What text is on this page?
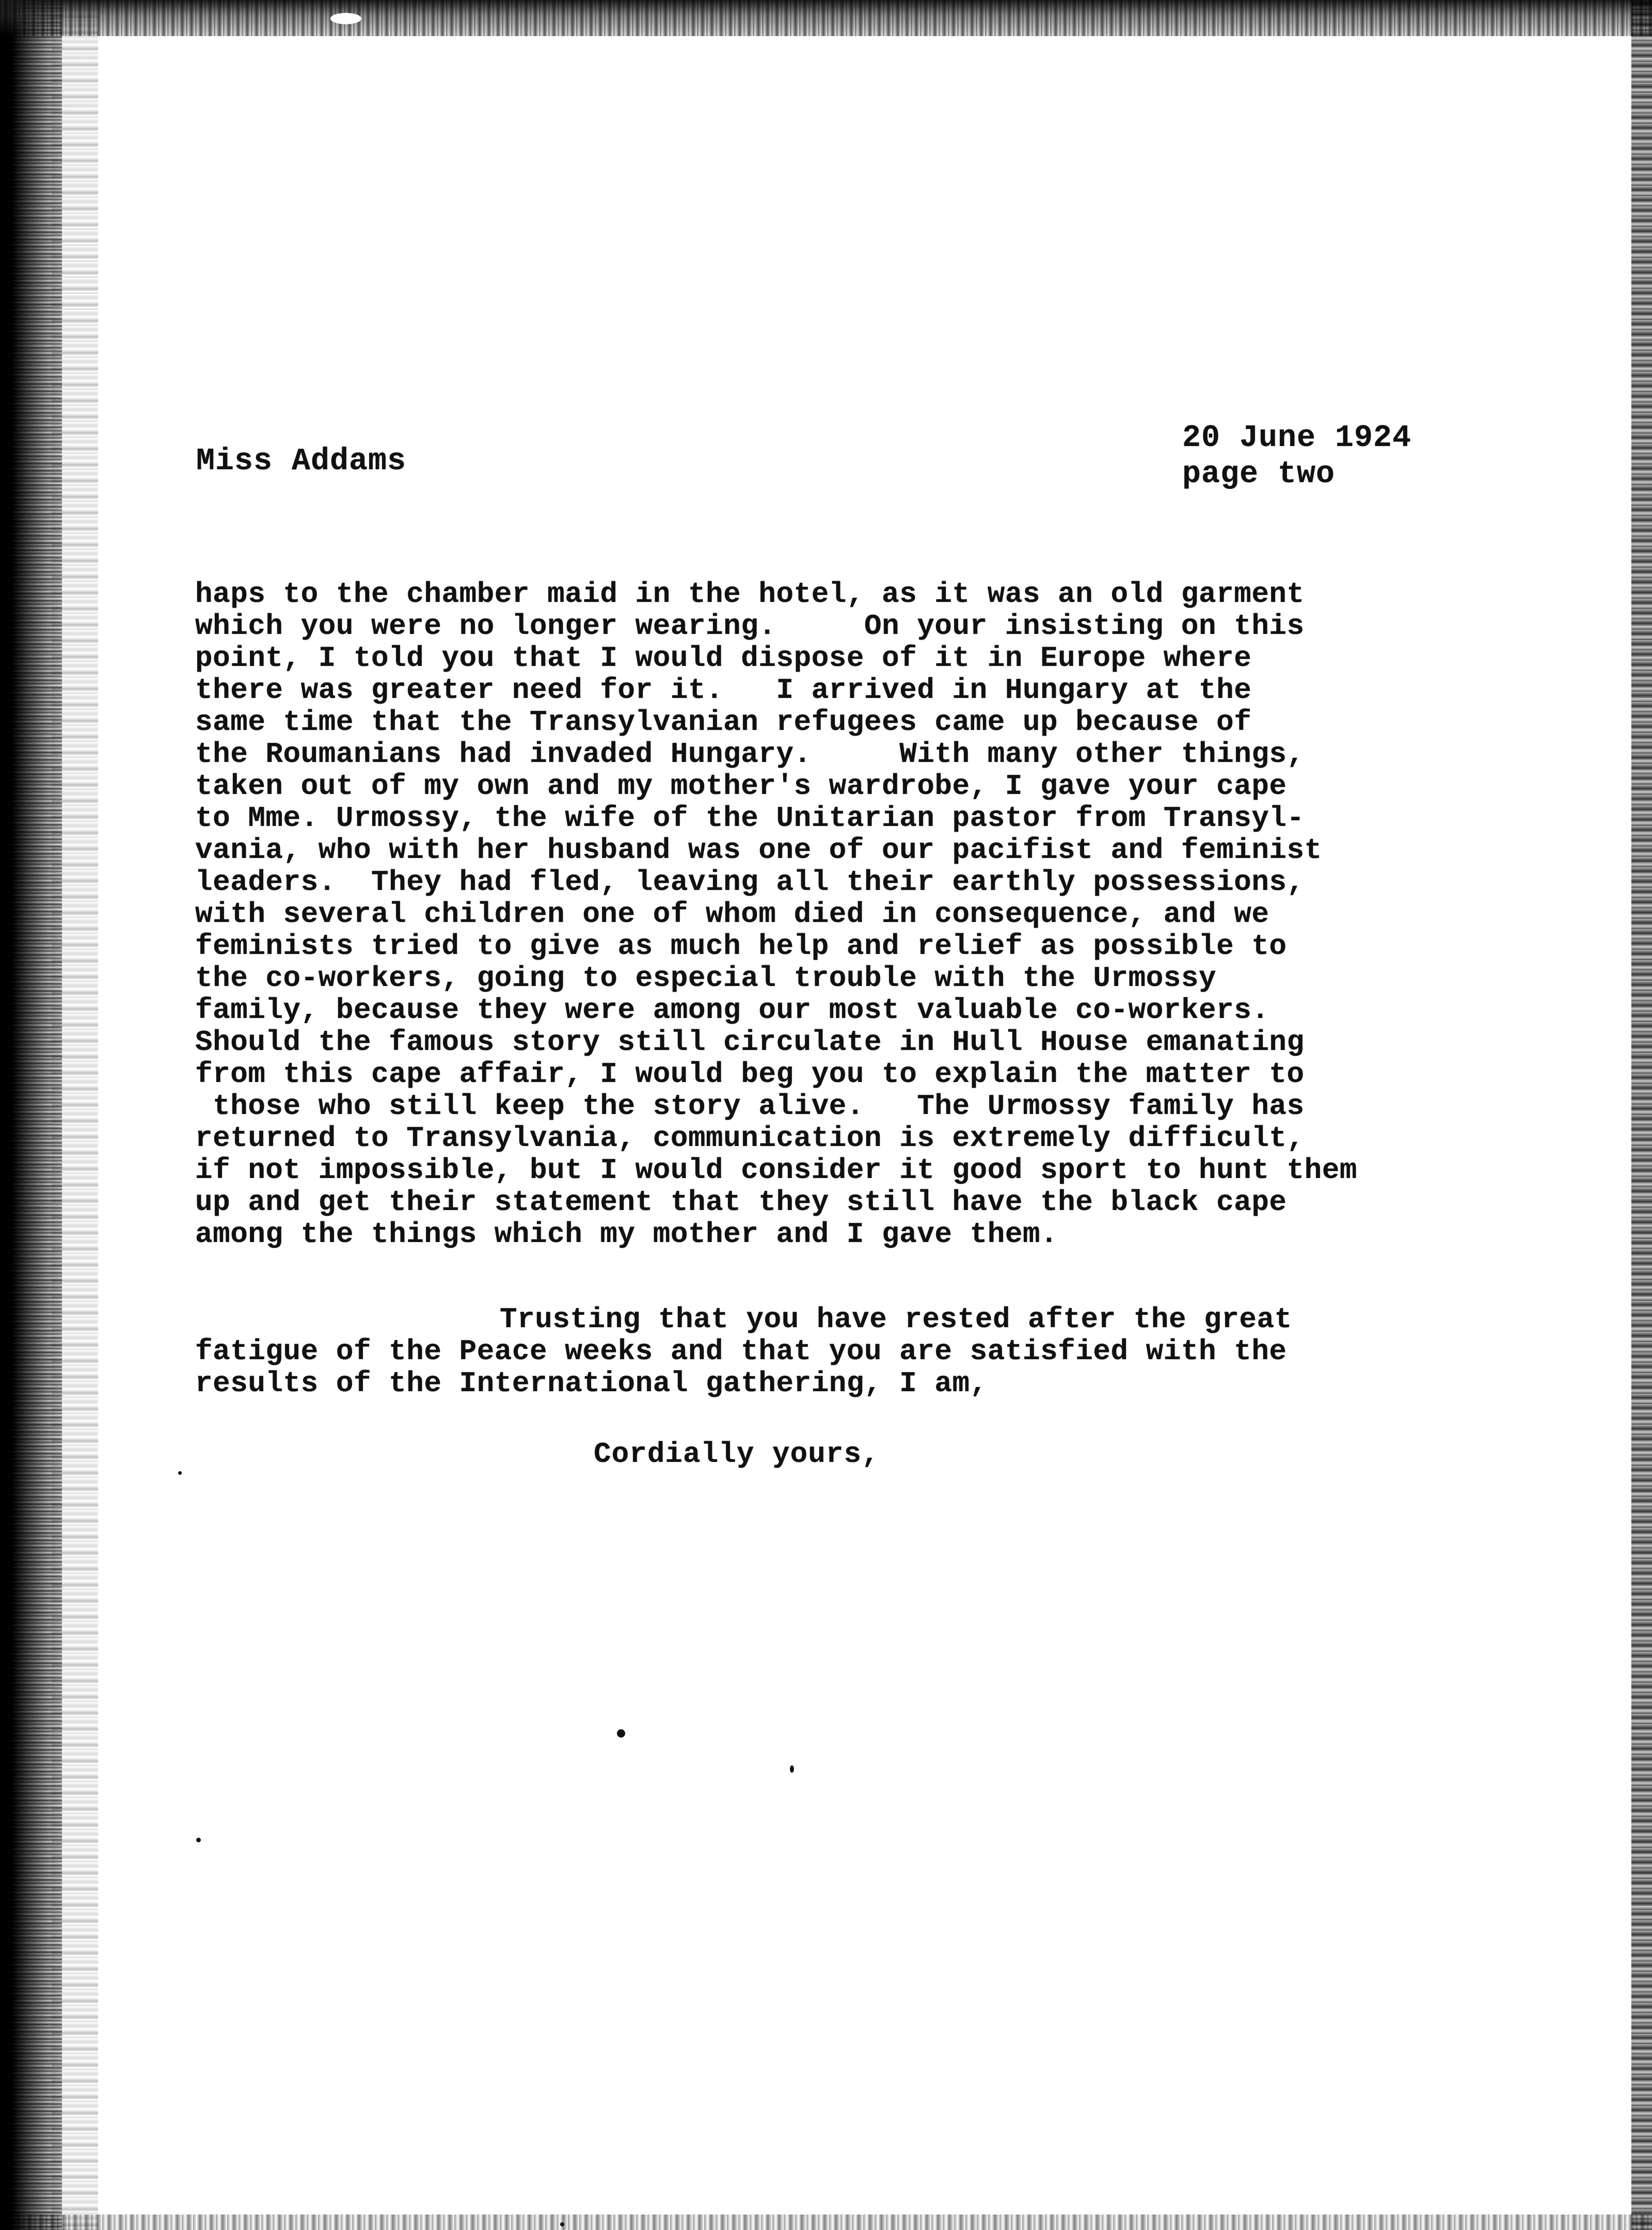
Miss Addams

20 June 1924

page two

haps to the chamber maid in the hotel, as it was an old garment
which you were no longer wearing.     On your insisting on this
point, I told you that I would dispose of it in Europe where
there was greater need for it.   I arrived in Hungary at the
same time that the Transylvanian refugees came up because of
the Roumanians had invaded Hungary.     With many other things,
taken out of my own and my mother's wardrobe, I gave your cape
to Mme. Urmossy, the wife of the Unitarian pastor from Transyl-
vania, who with her husband was one of our pacifist and feminist
leaders.  They had fled, leaving all their earthly possessions,
with several children one of whom died in consequence, and we
feminists tried to give as much help and relief as possible to
the co-workers, going to especial trouble with the Urmossy
family, because they were among our most valuable co-workers.
Should the famous story still circulate in Hull House emanating
from this cape affair, I would beg you to explain the matter to
those who still keep the story alive.   The Urmossy family has
returned to Transylvania, communication is extremely difficult,
if not impossible, but I would consider it good sport to hunt them
up and get their statement that they still have the black cape
among the things which my mother and I gave them.
Trusting that you have rested after the great
fatigue of the Peace weeks and that you are satisfied with the
results of the International gathering, I am,

Cordially yours,
